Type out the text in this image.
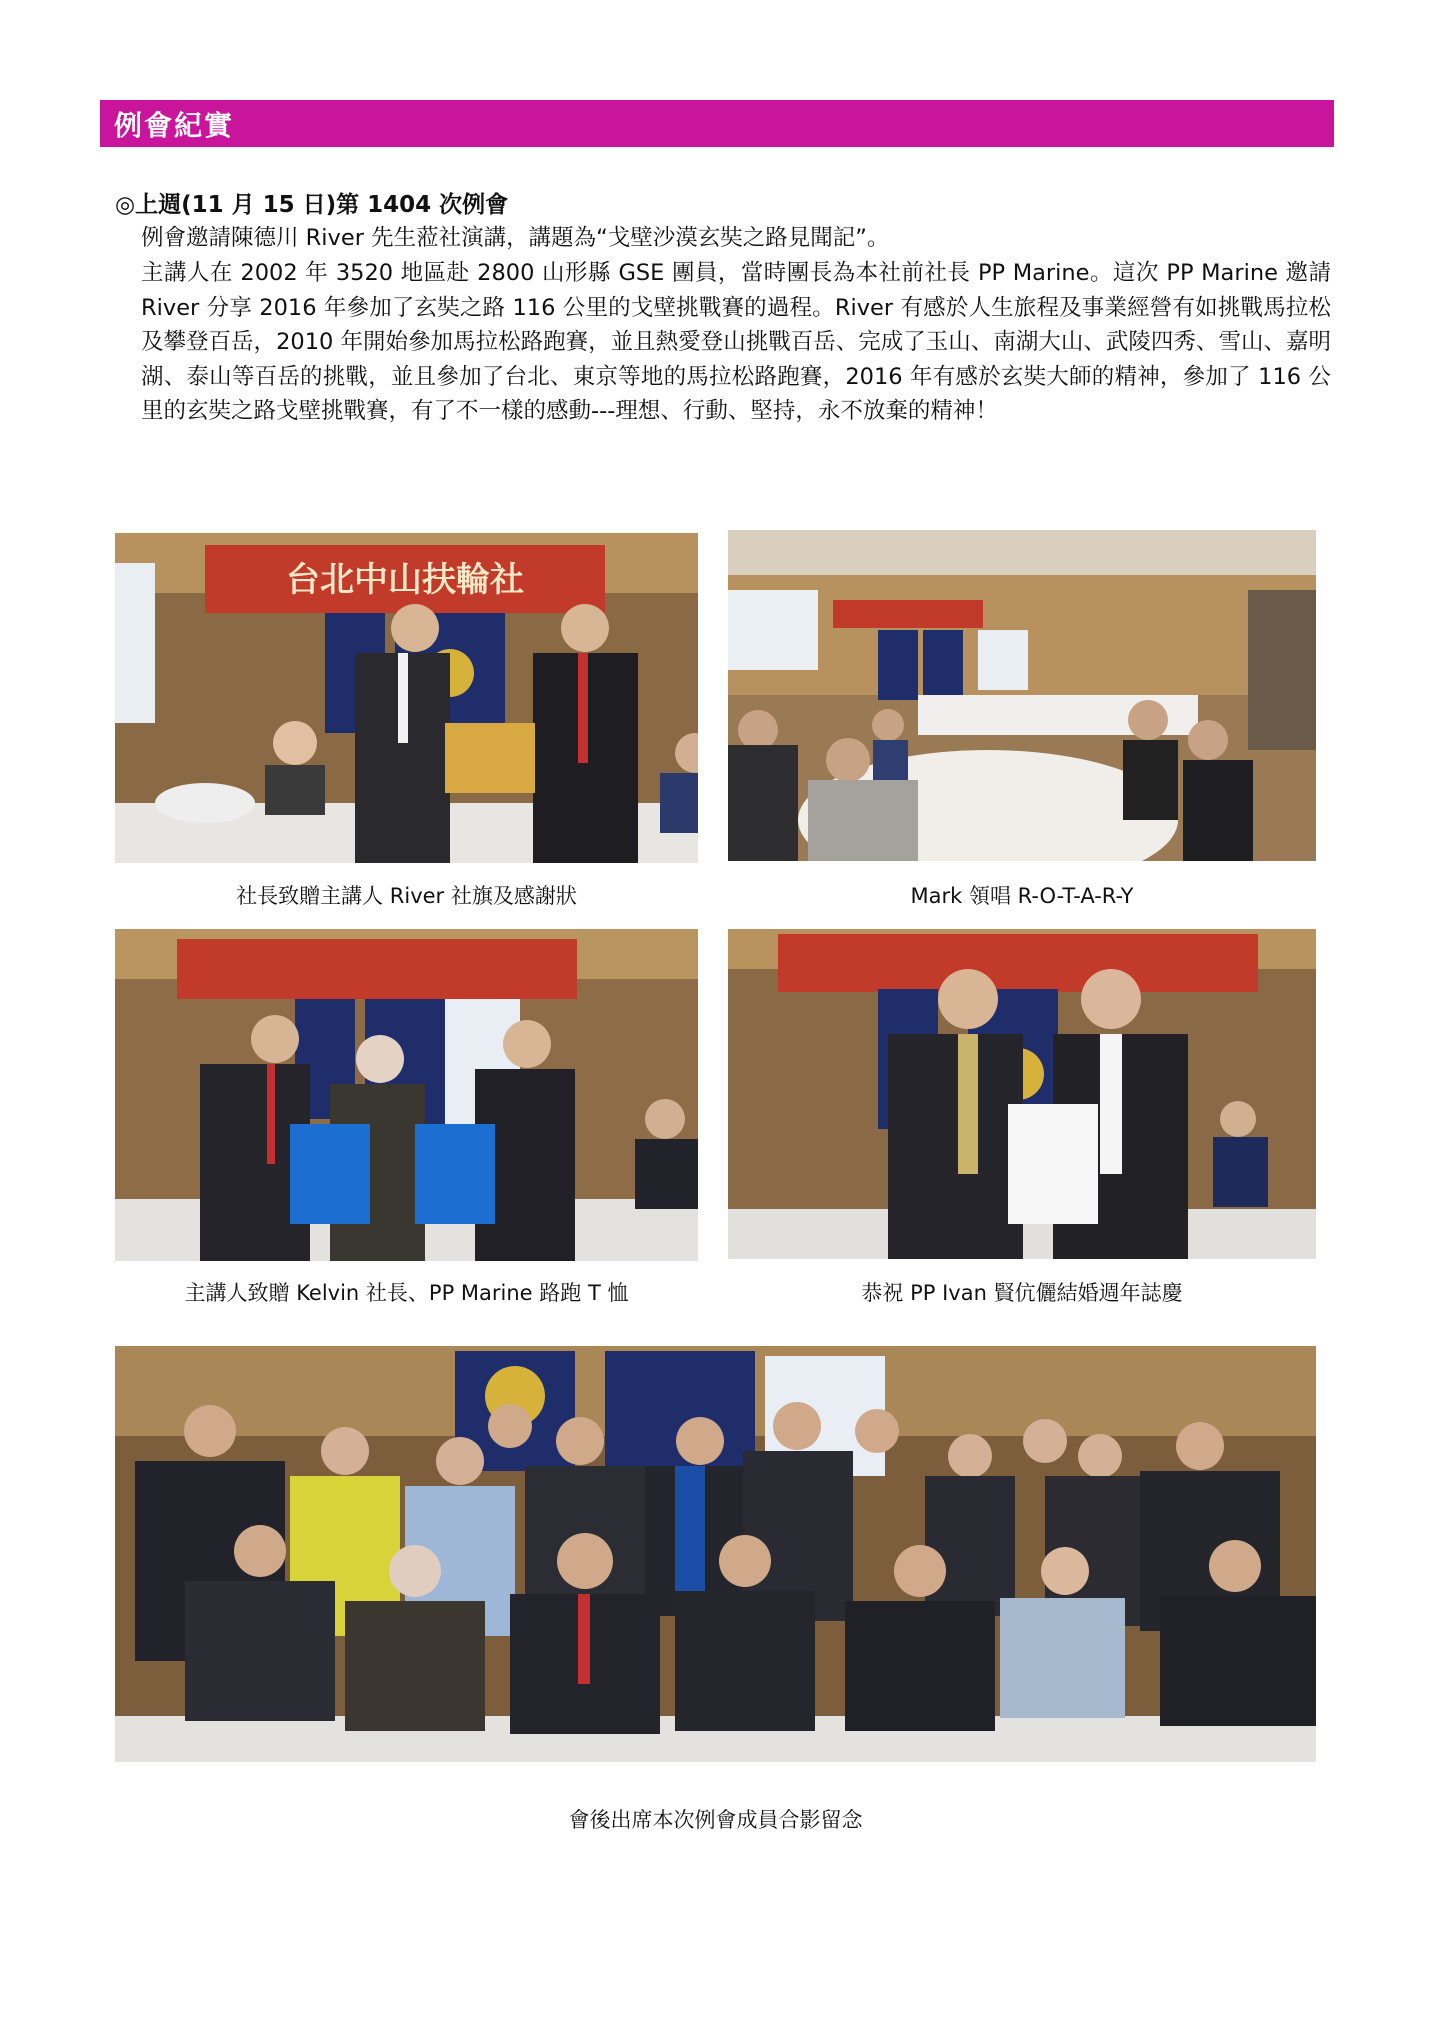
例會紀實
◎上週(11 月 15 日)第 1404 次例會
例會邀請陳德川 River 先生蒞社演講，講題為“戈壁沙漠玄奘之路見聞記”。
主講人在 2002 年 3520 地區赴 2800 山形縣 GSE 團員，當時團長為本社前社長 PP Marine。這次 PP Marine 邀請 River 分享 2016 年參加了玄奘之路 116 公里的戈壁挑戰賽的過程。River 有感於人生旅程及事業經營有如挑戰馬拉松及攀登百岳，2010 年開始參加馬拉松路跑賽，並且熱愛登山挑戰百岳、完成了玉山、南湖大山、武陵四秀、雪山、嘉明湖、泰山等百岳的挑戰，並且參加了台北、東京等地的馬拉松路跑賽，2016 年有感於玄奘大師的精神，參加了 116 公里的玄奘之路戈壁挑戰賽，有了不一樣的感動---理想、行動、堅持，永不放棄的精神！
台北中山扶輪社
社長致贈主講人 River 社旗及感謝狀	Mark 領唱 R-O-T-A-R-Y
主講人致贈 Kelvin 社長、PP Marine 路跑 T 恤	恭祝 PP Ivan 賢伉儷結婚週年誌慶
會後出席本次例會成員合影留念
